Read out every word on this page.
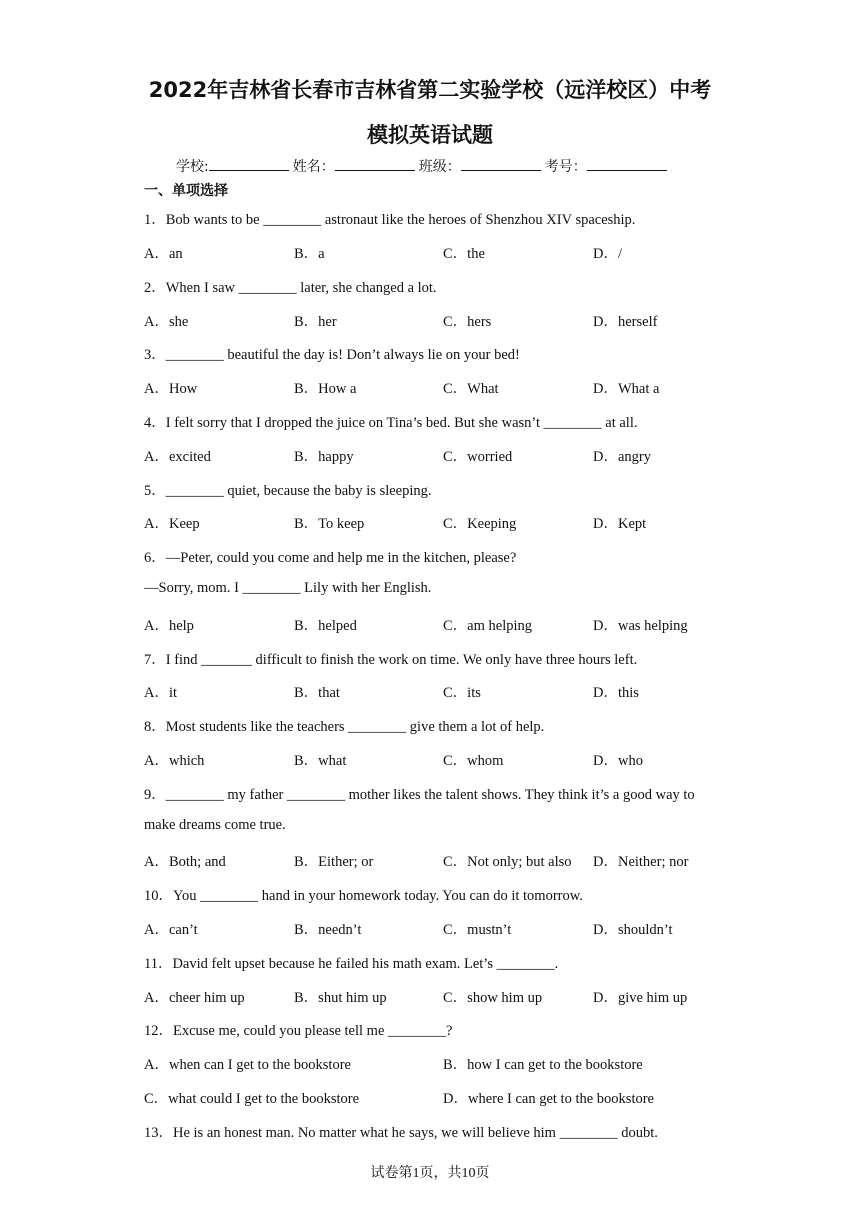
2022年吉林省长春市吉林省第二实验学校（远洋校区）中考
模拟英语试题
学校:	姓名：	班级：	考号：
一、单项选择
1．Bob wants to be ________ astronaut like the heroes of Shenzhou XIV spaceship.
A．an	B．a	C．the	D．/
2．When I saw ________ later, she changed a lot.
A．she	B．her	C．hers	D．herself
3．________ beautiful the day is! Don’t always lie on your bed!
A．How	B．How a	C．What	D．What a
4．I felt sorry that I dropped the juice on Tina’s bed. But she wasn’t ________ at all.
A．excited	B．happy	C．worried	D．angry
5．________ quiet, because the baby is sleeping.
A．Keep	B．To keep	C．Keeping	D．Kept
6．—Peter, could you come and help me in the kitchen, please?
—Sorry, mom. I ________ Lily with her English.
A．help	B．helped	C．am helping	D．was helping
7．I find _______ difficult to finish the work on time. We only have three hours left.
A．it	B．that	C．its	D．this
8．Most students like the teachers ________ give them a lot of help.
A．which	B．what	C．whom	D．who
9．________ my father ________ mother likes the talent shows. They think it’s a good way to
make dreams come true.
A．Both; and	B．Either; or	C．Not only; but also D．Neither; nor
10．You ________ hand in your homework today. You can do it tomorrow.
A．can’t	B．needn’t	C．mustn’t	D．shouldn’t
11．David felt upset because he failed his math exam. Let’s ________.
A．cheer him up	B．shut him up	C．show him up	D．give him up
12．Excuse me, could you please tell me ________?
A．when can I get to the bookstore	B．how I can get to the bookstore
C．what could I get to the bookstore	D．where I can get to the bookstore
13．He is an honest man. No matter what he says, we will believe him ________ doubt.
试卷第1页，共10页
